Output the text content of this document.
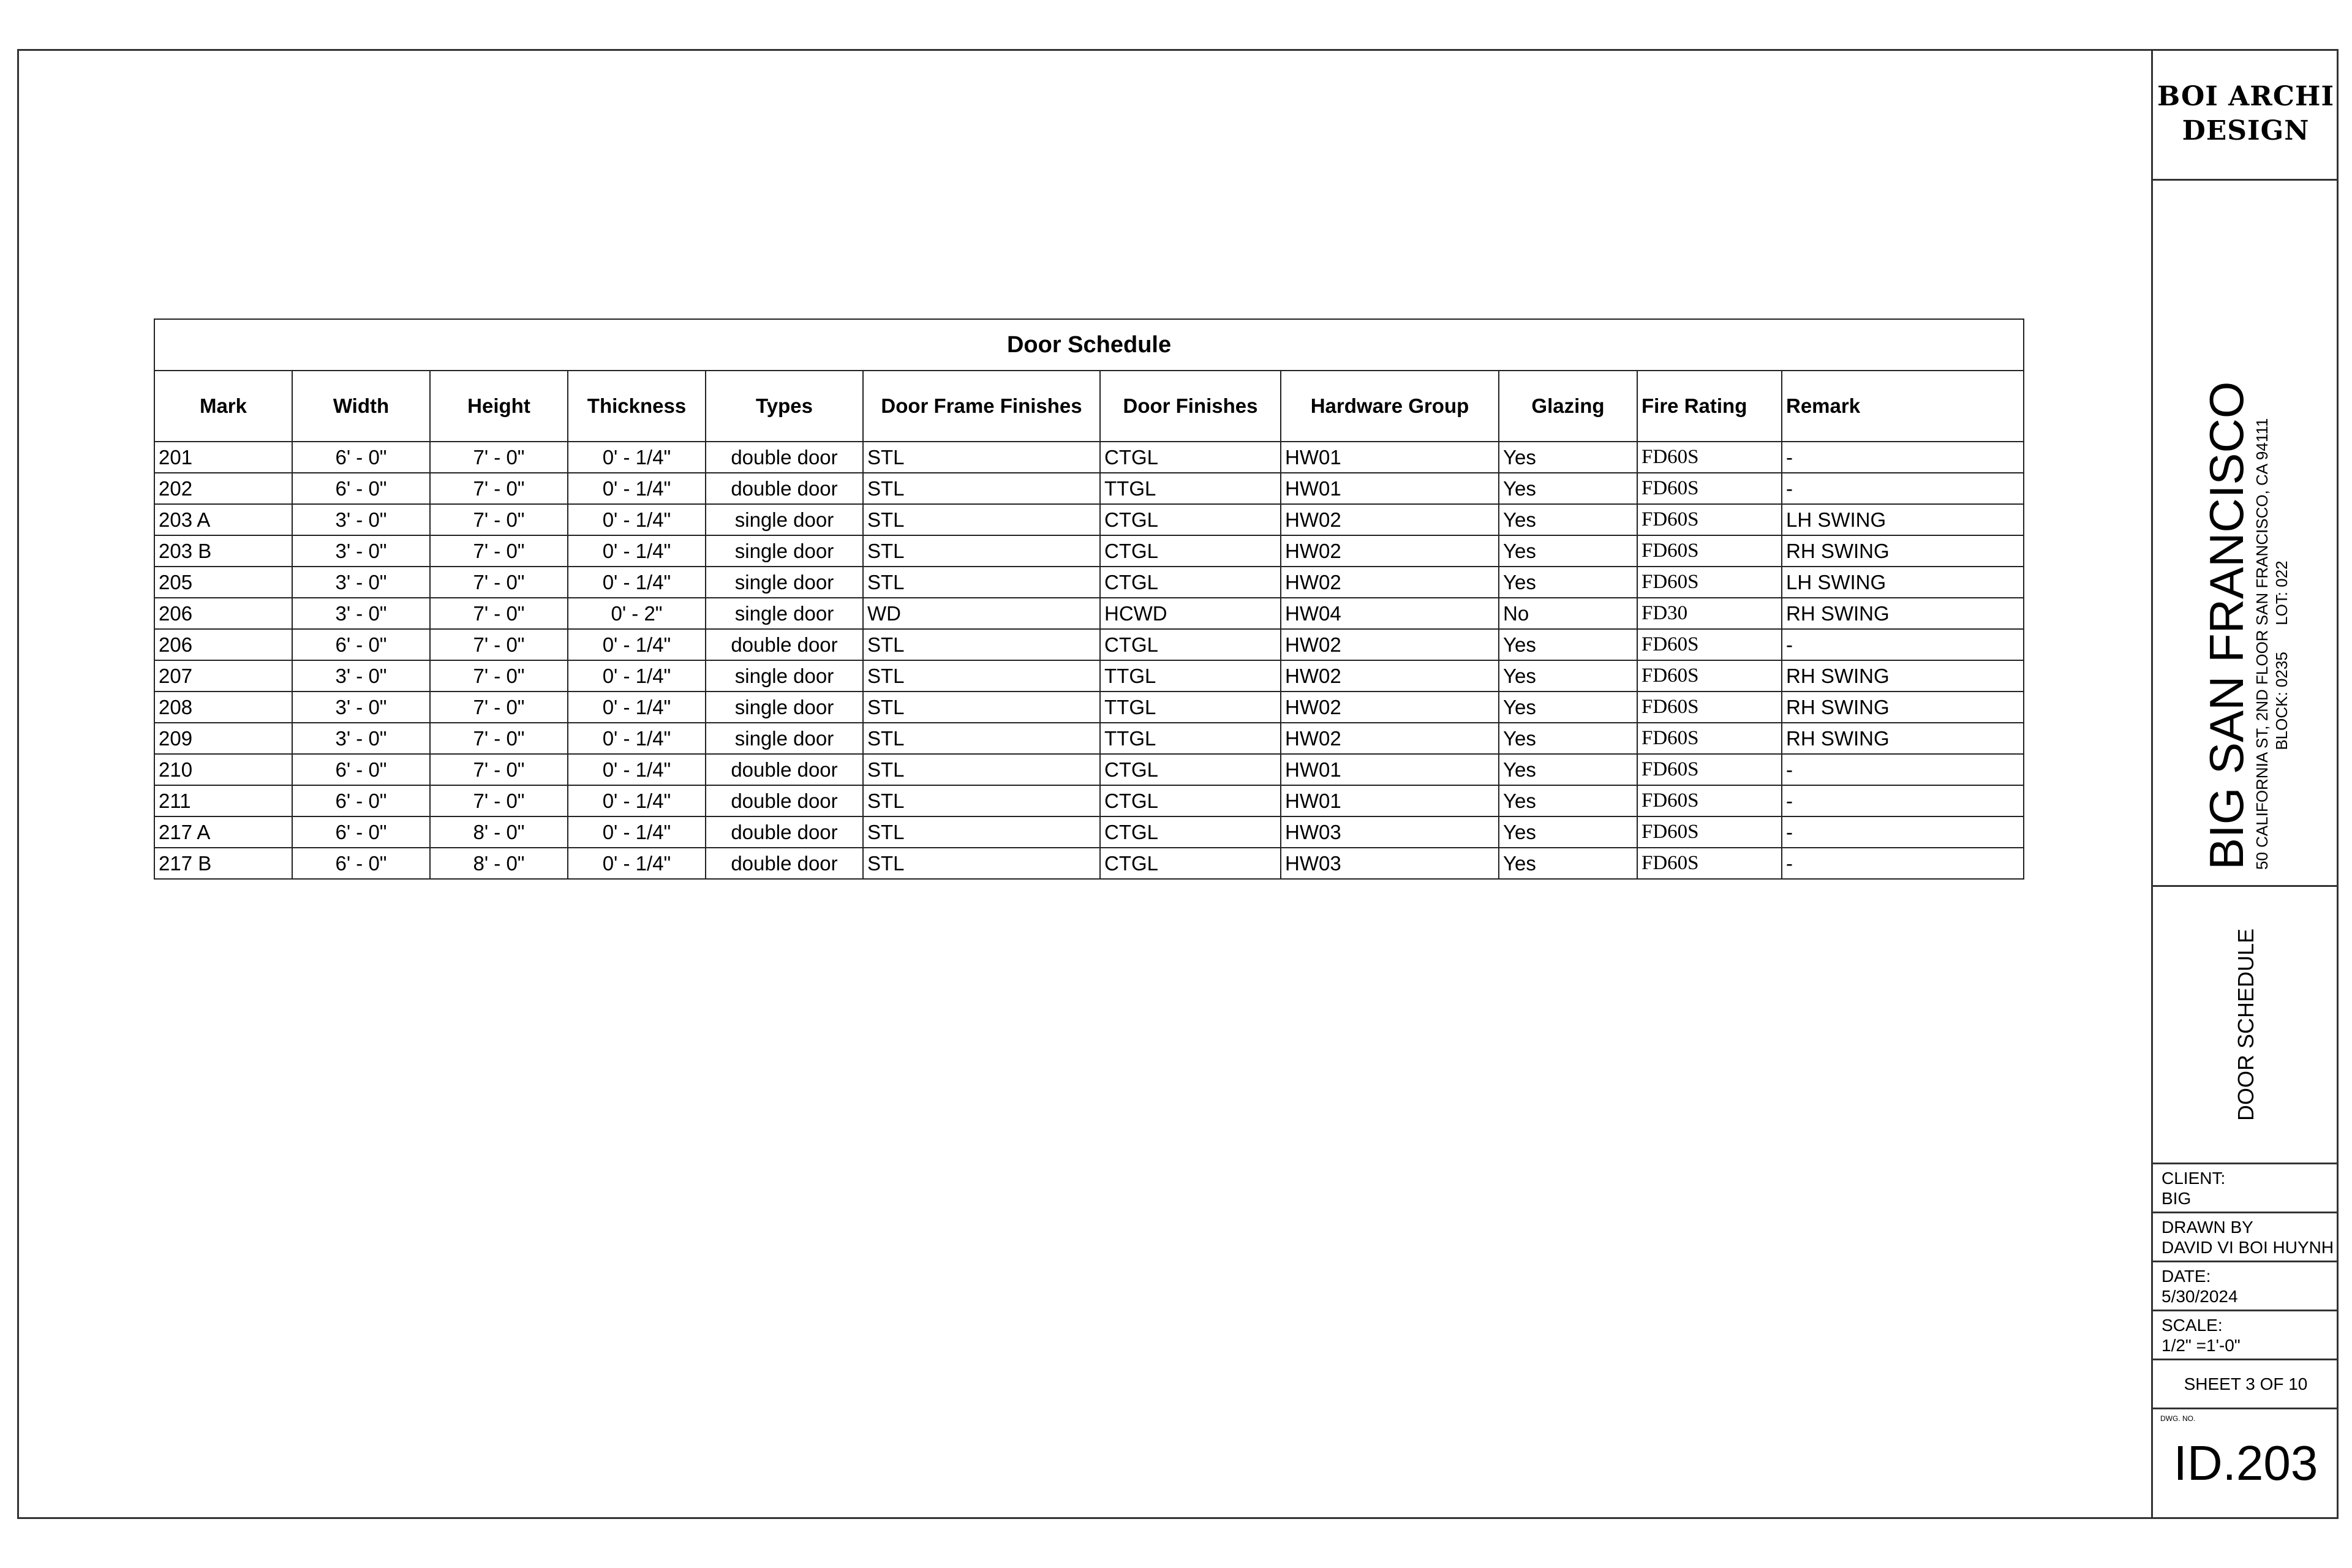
BOI ARCHI
DESIGN
BIG SAN FRANCISCO 50 CALIFORNIA ST, 2ND FLOOR SAN FRANCISCO, CA 94111 BLOCK: 0235      LOT: 022
DOOR SCHEDULE
CLIENT:
BIG
DRAWN BY
DAVID VI BOI HUYNH
DATE:
5/30/2024
SCALE:
1/2" =1'-0"
SHEET 3 OF 10
DWG. NO.
ID.203
Door Schedule										
Mark	Width	Height	Thickness	Types	Door Frame Finishes	Door Finishes	Hardware Group	Glazing	Fire Rating	Remark
201	6' - 0"	7' - 0"	0' - 1/4"	double door	STL	CTGL	HW01	Yes	FD60S	-
202	6' - 0"	7' - 0"	0' - 1/4"	double door	STL	TTGL	HW01	Yes	FD60S	-
203 A	3' - 0"	7' - 0"	0' - 1/4"	single door	STL	CTGL	HW02	Yes	FD60S	LH SWING
203 B	3' - 0"	7' - 0"	0' - 1/4"	single door	STL	CTGL	HW02	Yes	FD60S	RH SWING
205	3' - 0"	7' - 0"	0' - 1/4"	single door	STL	CTGL	HW02	Yes	FD60S	LH SWING
206	3' - 0"	7' - 0"	0' - 2"	single door	WD	HCWD	HW04	No	FD30	RH SWING
206	6' - 0"	7' - 0"	0' - 1/4"	double door	STL	CTGL	HW02	Yes	FD60S	-
207	3' - 0"	7' - 0"	0' - 1/4"	single door	STL	TTGL	HW02	Yes	FD60S	RH SWING
208	3' - 0"	7' - 0"	0' - 1/4"	single door	STL	TTGL	HW02	Yes	FD60S	RH SWING
209	3' - 0"	7' - 0"	0' - 1/4"	single door	STL	TTGL	HW02	Yes	FD60S	RH SWING
210	6' - 0"	7' - 0"	0' - 1/4"	double door	STL	CTGL	HW01	Yes	FD60S	-
211	6' - 0"	7' - 0"	0' - 1/4"	double door	STL	CTGL	HW01	Yes	FD60S	-
217 A	6' - 0"	8' - 0"	0' - 1/4"	double door	STL	CTGL	HW03	Yes	FD60S	-
217 B	6' - 0"	8' - 0"	0' - 1/4"	double door	STL	CTGL	HW03	Yes	FD60S	-
